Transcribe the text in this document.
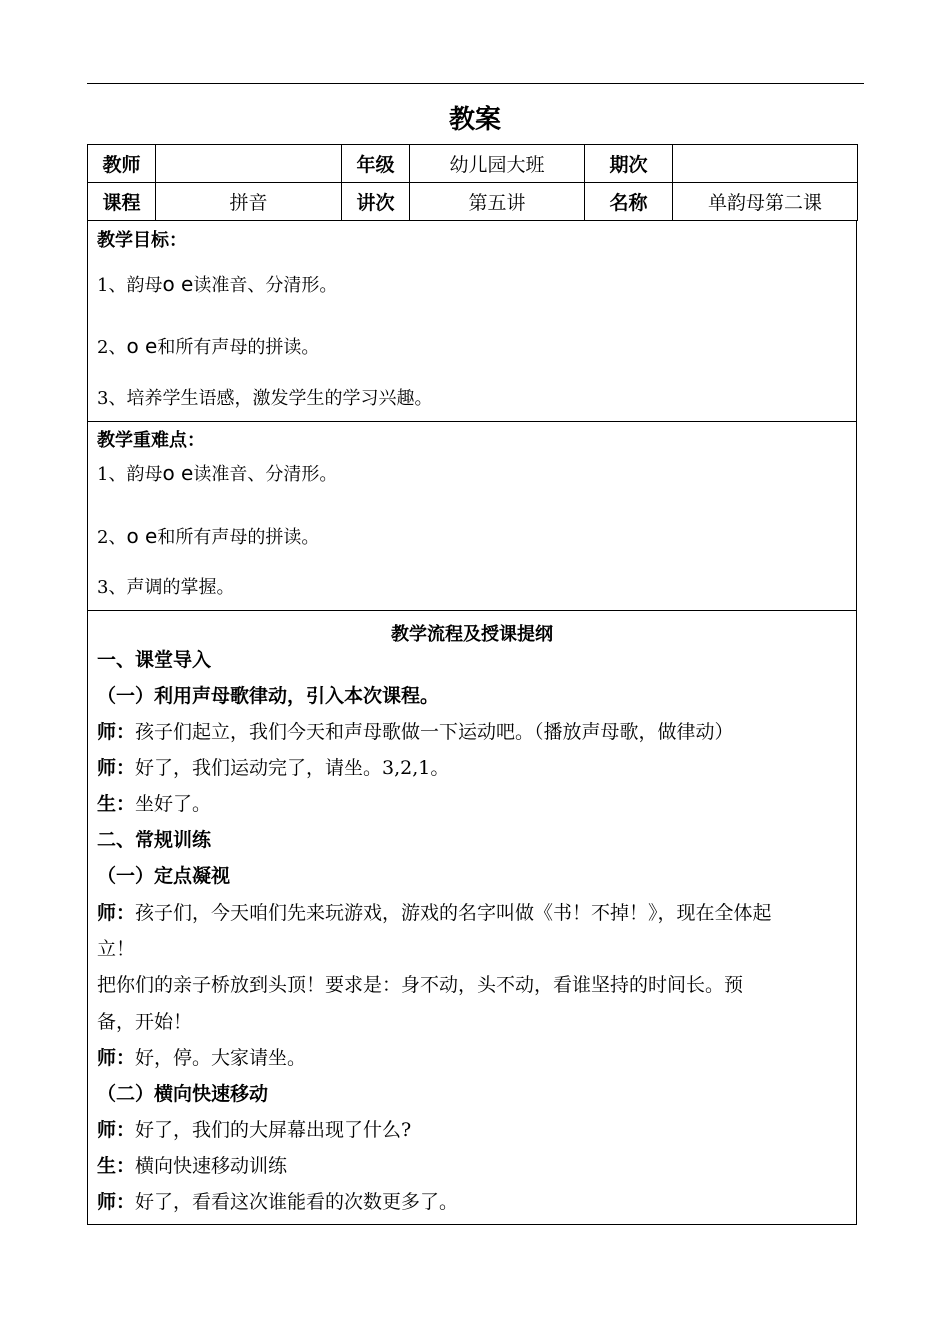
教案
教师		年级	幼儿园大班	期次	
课程	拼音	讲次	第五讲	名称	单韵母第二课
教学目标：
1、韵母o e读准音、分清形。
2、o e和所有声母的拼读。
3、培养学生语感，激发学生的学习兴趣。
教学重难点：
1、韵母o e读准音、分清形。
2、o e和所有声母的拼读。
3、声调的掌握。
教学流程及授课提纲
一、课堂导入
（一）利用声母歌律动，引入本次课程。
师：孩子们起立，我们今天和声母歌做一下运动吧。（播放声母歌，做律动）
师：好了，我们运动完了，请坐。3,2,1。
生：坐好了。
二、常规训练
（一）定点凝视
师：孩子们，今天咱们先来玩游戏，游戏的名字叫做《书！不掉！》，现在全体起
立！
把你们的亲子桥放到头顶！要求是：身不动，头不动，看谁坚持的时间长。预
备，开始！
师：好，停。大家请坐。
（二）横向快速移动
师：好了，我们的大屏幕出现了什么?
生：横向快速移动训练
师：好了，看看这次谁能看的次数更多了。
